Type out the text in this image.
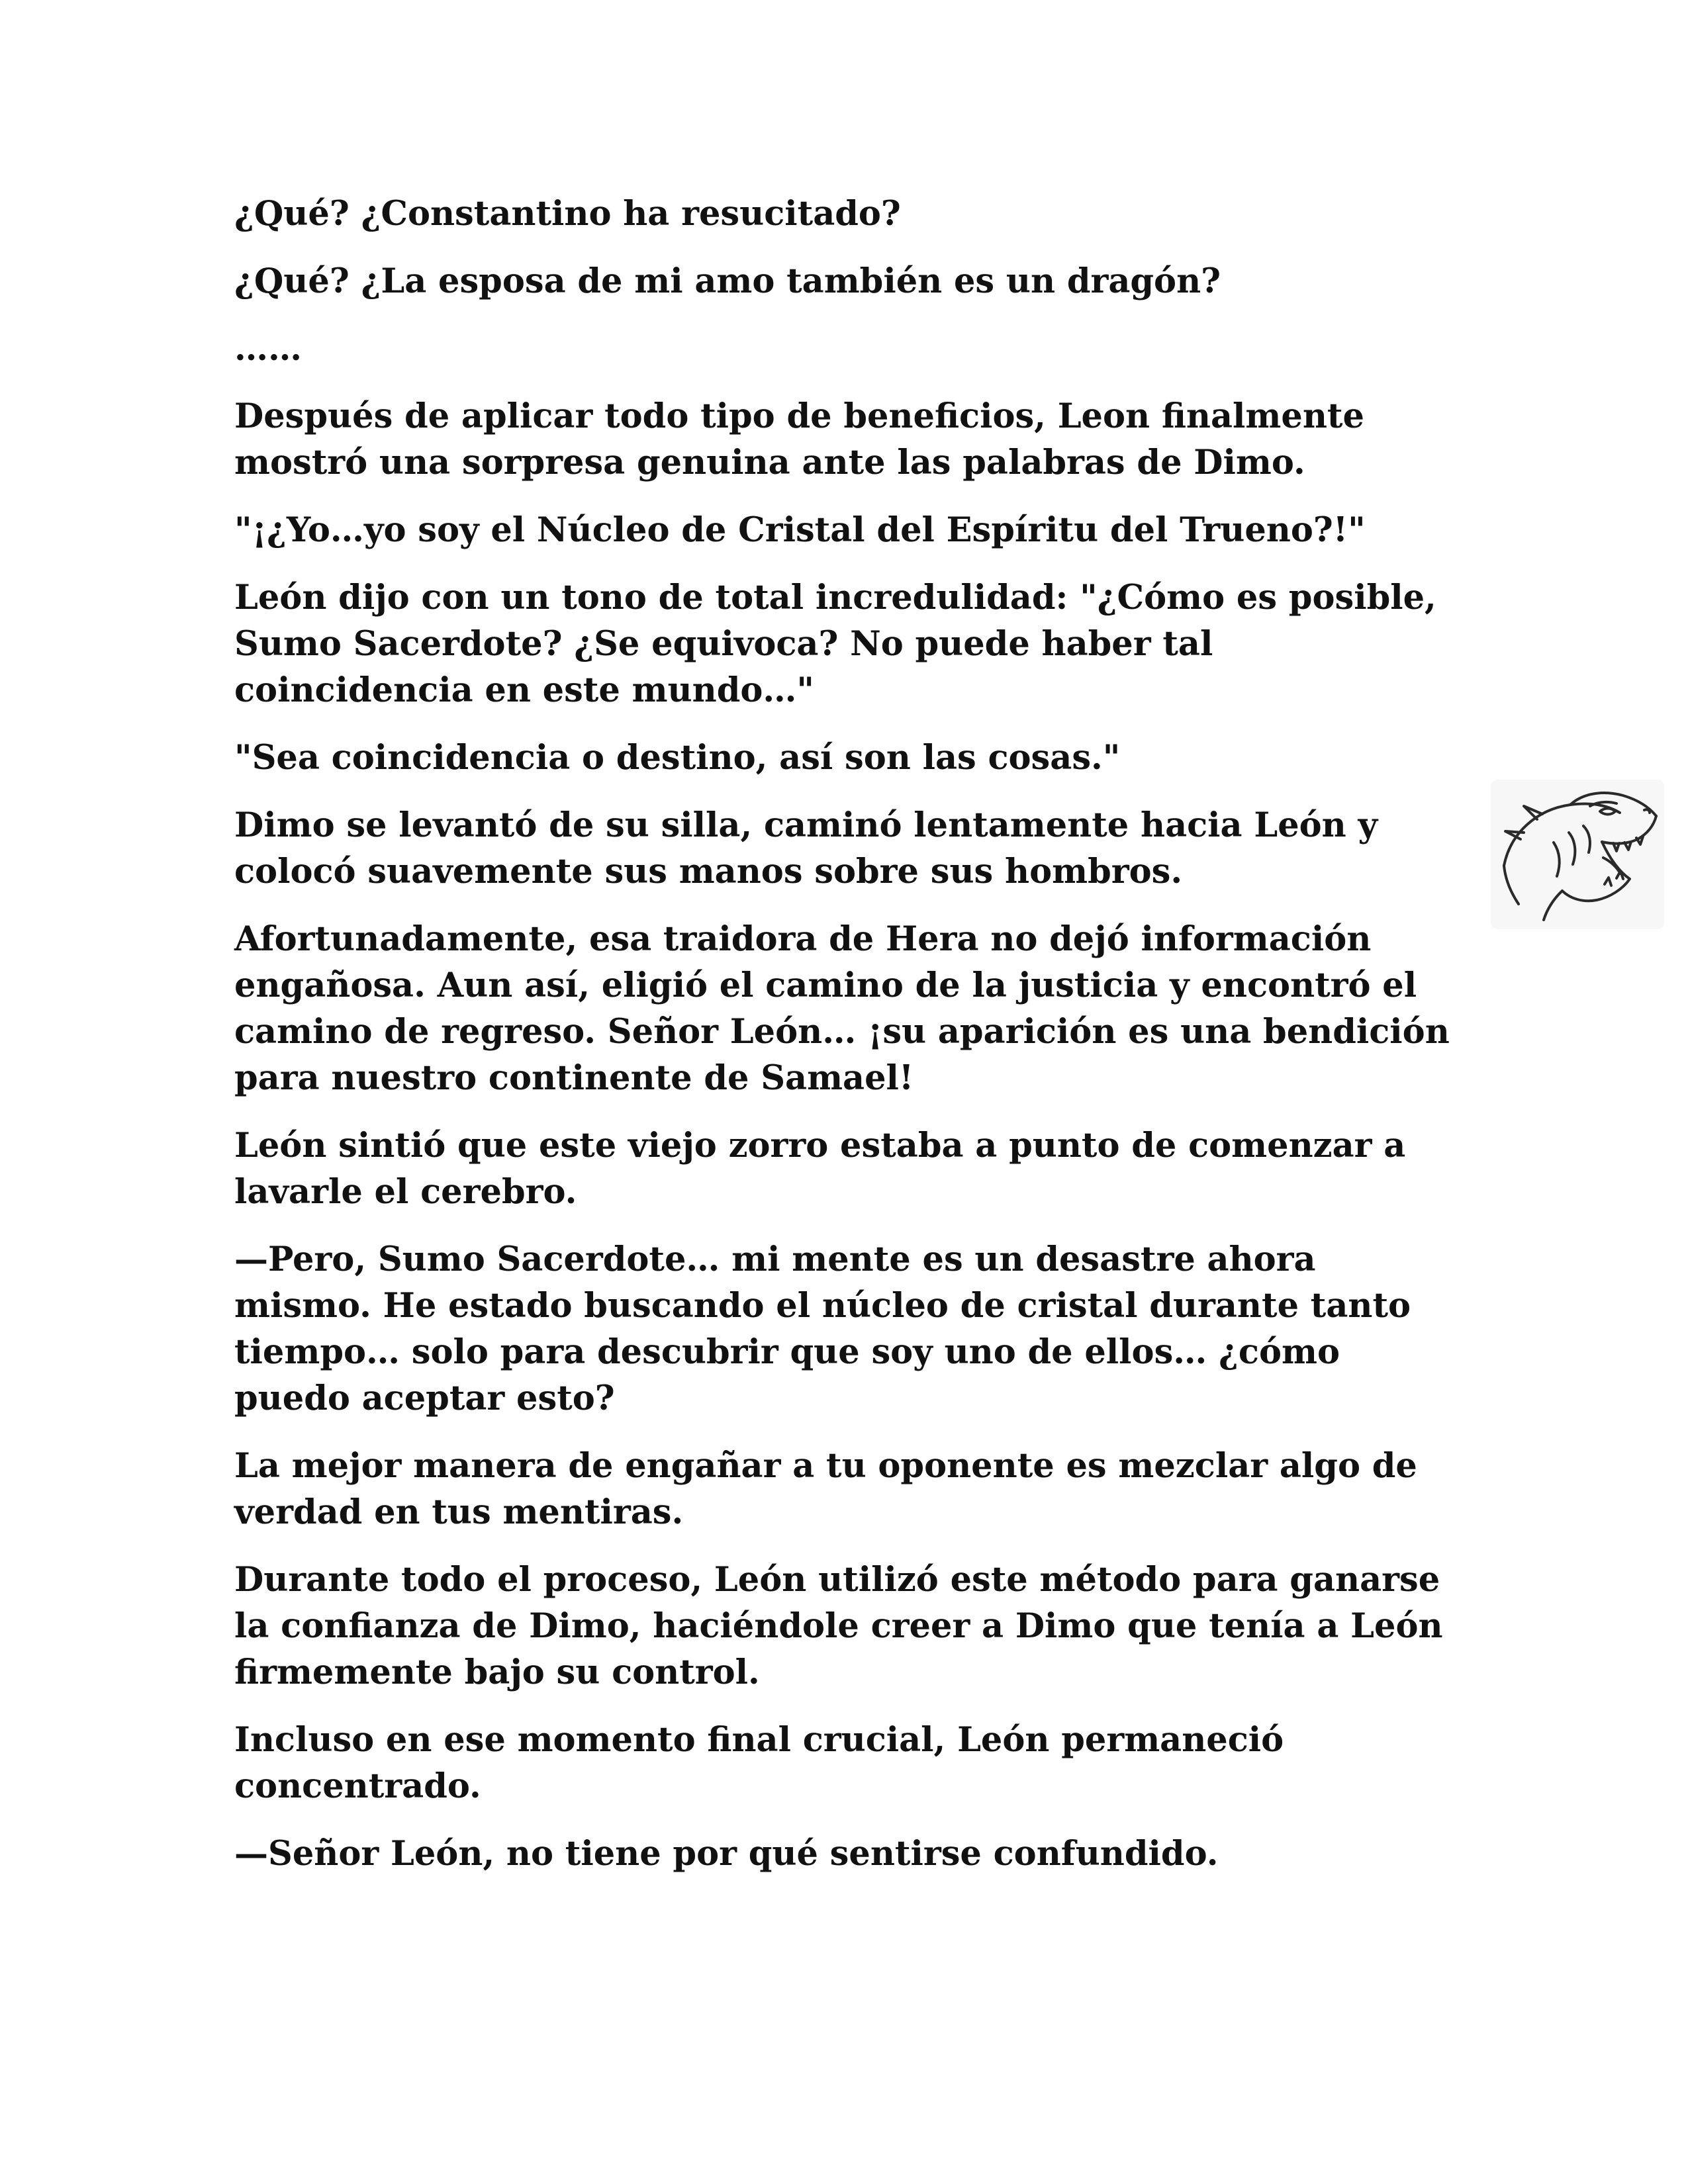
¿Qué? ¿Constantino ha resucitado?

¿Qué? ¿La esposa de mi amo también es un dragón?

……

Después de aplicar todo tipo de beneficios, Leon finalmente mostró una sorpresa genuina ante las palabras de Dimo.

"¡¿Yo…yo soy el Núcleo de Cristal del Espíritu del Trueno?!"

León dijo con un tono de total incredulidad: "¿Cómo es posible, Sumo Sacerdote? ¿Se equivoca? No puede haber tal coincidencia en este mundo…"

"Sea coincidencia o destino, así son las cosas."

Dimo se levantó de su silla, caminó lentamente hacia León y colocó suavemente sus manos sobre sus hombros.

Afortunadamente, esa traidora de Hera no dejó información engañosa. Aun así, eligió el camino de la justicia y encontró el camino de regreso. Señor León… ¡su aparición es una bendición para nuestro continente de Samael!

León sintió que este viejo zorro estaba a punto de comenzar a lavarle el cerebro.

—Pero, Sumo Sacerdote… mi mente es un desastre ahora mismo. He estado buscando el núcleo de cristal durante tanto tiempo… solo para descubrir que soy uno de ellos… ¿cómo puedo aceptar esto?

La mejor manera de engañar a tu oponente es mezclar algo de verdad en tus mentiras.

Durante todo el proceso, León utilizó este método para ganarse la confianza de Dimo, haciéndole creer a Dimo que tenía a León firmemente bajo su control.

Incluso en ese momento final crucial, León permaneció concentrado.

—Señor León, no tiene por qué sentirse confundido.
